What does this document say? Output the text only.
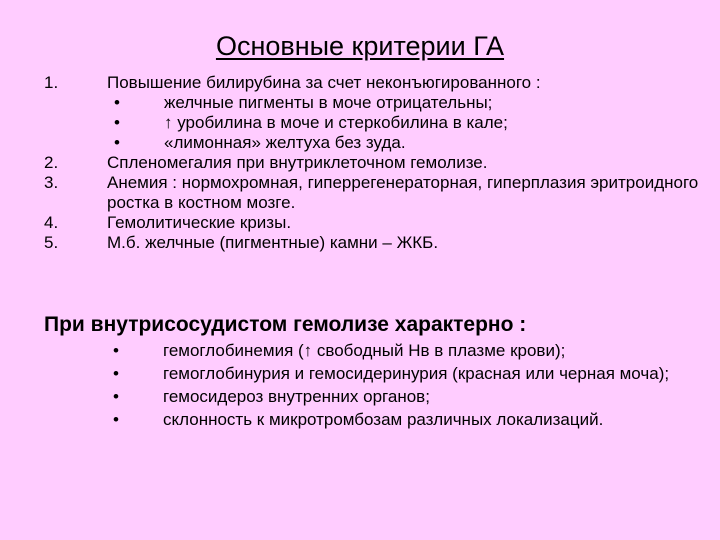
Основные критерии ГА
1.	Повышение билирубина за счет неконъюгированного :
•	желчные пигменты в моче отрицательны;
•	↑ уробилина в моче и стеркобилина в кале;
•	«лимонная» желтуха без зуда.
2.	Спленомегалия при внутриклеточном гемолизе.
3.	Анемия : нормохромная, гиперрегенераторная, гиперплазия эритроидного ростка в костном мозге.
4.	Гемолитические кризы.
5.	М.б. желчные (пигментные) камни – ЖКБ.
При внутрисосудистом гемолизе характерно :
•	гемоглобинемия (↑ свободный Нв в плазме крови);
•	гемоглобинурия и гемосидеринурия (красная или черная моча);
•	гемосидероз внутренних органов;
•	склонность к микротромбозам различных локализаций.
